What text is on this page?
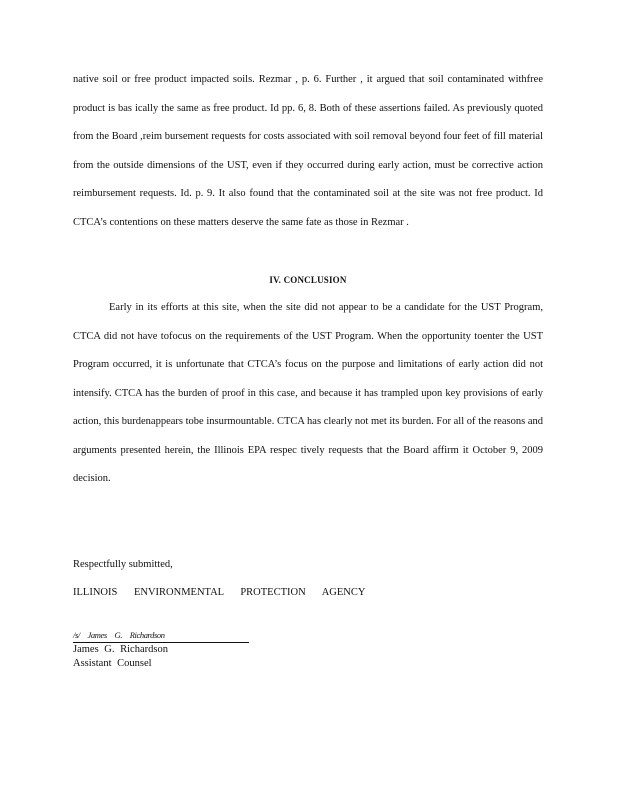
native soil or free product impacted soils. Rezmar , p. 6. Further , it argued that soil contaminated withfree product is bas ically the same as free product. Id pp. 6, 8. Both of these assertions failed. As previously quoted from the Board ,reim bursement requests for costs associated with soil removal beyond four feet of fill material from the outside dimensions of the UST, even if they occurred during early action, must be corrective action reimbursement requests. Id. p. 9. It also found that the contaminated soil at the site was not free product. Id CTCA’s contentions on these matters deserve the same fate as those in Rezmar .
IV. CONCLUSION
Early in its efforts at this site, when the site did not appear to be a candidate for the UST Program, CTCA did not have tofocus on the requirements of the UST Program. When the opportunity toenter the UST Program occurred, it is unfortunate that CTCA’s focus on the purpose and limitations of early action did not intensify. CTCA has the burden of proof in this case, and because it has trampled upon key provisions of early action, this burdenappears tobe insurmountable. CTCA has clearly not met its burden. For all of the reasons and arguments presented herein, the Illinois EPA respec tively requests that the Board affirm it October 9, 2009 decision.
Respectfully submitted,
ILLINOIS ENVIRONMENTAL PROTECTION AGENCY
/s/ James G. Richardson
James G. Richardson
Assistant Counsel
